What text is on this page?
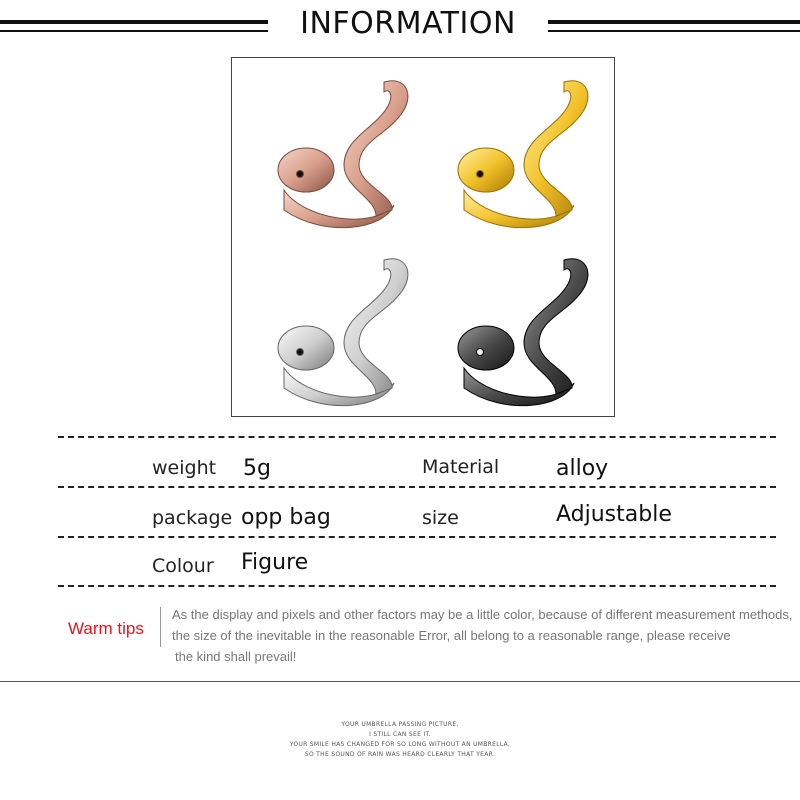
INFORMATION
weight 5g	Material	alloy
package opp bag	size	Adjustable
Colour Figure
Warm tips
As the display and pixels and other factors may be a little color, because of different measurement methods,
the size of the inevitable in the reasonable Error, all belong to a reasonable range, please receive
the kind shall prevail!
YOUR UMBRELLA PASSING PICTURE,
I STILL CAN SEE IT.
YOUR SMILE HAS CHANGED FOR SO LONG WITHOUT AN UMBRELLA,
SO THE SOUND OF RAIN WAS HEARD CLEARLY THAT YEAR.
